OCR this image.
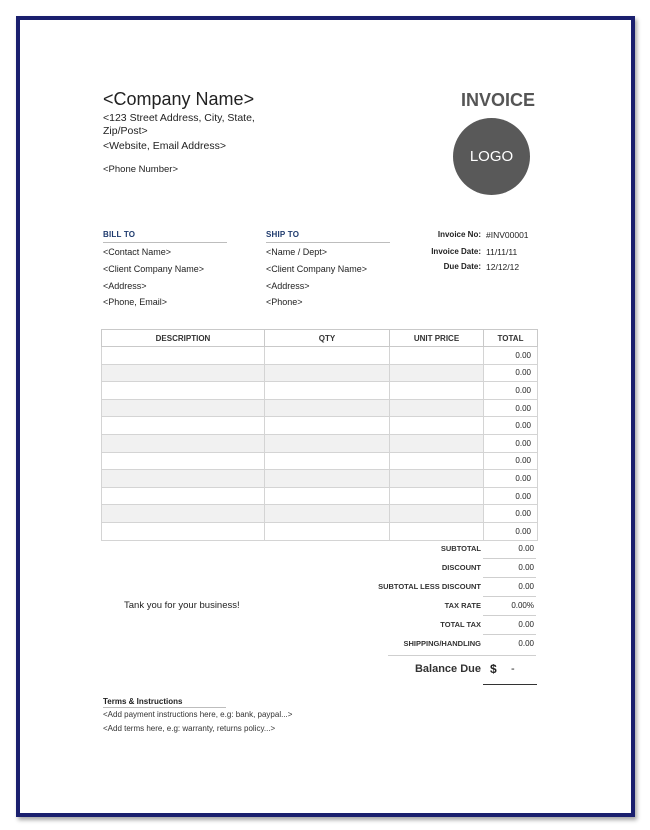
<Company Name>
<123 Street Address, City, State,
Zip/Post>
<Website, Email Address>
<Phone Number>
INVOICE
LOGO
BILL TO
<Contact Name>
<Client Company Name>
<Address>
<Phone, Email>
SHIP TO
<Name / Dept>
<Client Company Name>
<Address>
<Phone>
Invoice No: #INV00001
Invoice Date: 11/11/11
Due Date: 12/12/12
DESCRIPTION	QTY	UNIT PRICE	TOTAL
			0.00
			0.00
			0.00
			0.00
			0.00
			0.00
			0.00
			0.00
			0.00
			0.00
			0.00
SUBTOTAL	0.00
DISCOUNT	0.00
SUBTOTAL LESS DISCOUNT	0.00
TAX RATE	0.00%
TOTAL TAX	0.00
SHIPPING/HANDLING	0.00
Tank you for your business!
Balance Due $ -
Terms & Instructions
<Add payment instructions here, e.g: bank, paypal...>
<Add terms here, e.g: warranty, returns policy...>
